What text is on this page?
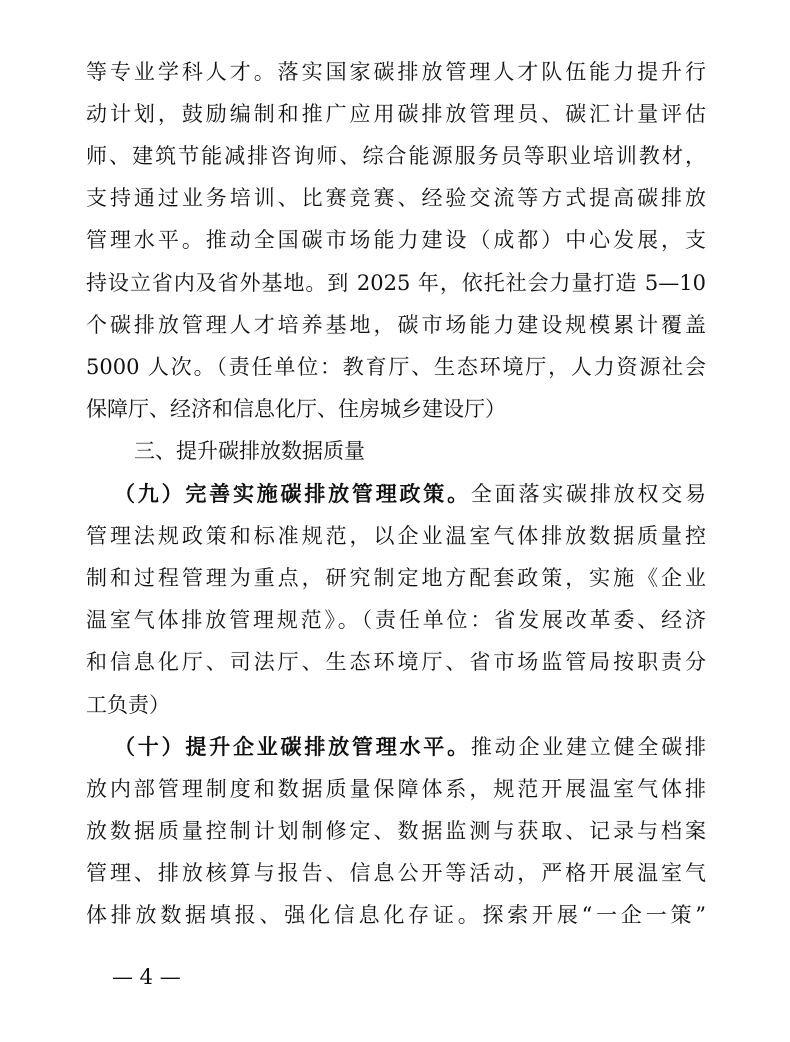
等专业学科人才。落实国家碳排放管理人才队伍能力提升行
动计划，鼓励编制和推广应用碳排放管理员、碳汇计量评估
师、建筑节能减排咨询师、综合能源服务员等职业培训教材，
支持通过业务培训、比赛竞赛、经验交流等方式提高碳排放
管理水平。推动全国碳市场能力建设（成都）中心发展，支
持设立省内及省外基地。到 2025 年，依托社会力量打造 5—10
个碳排放管理人才培养基地，碳市场能力建设规模累计覆盖
5000 人次。（责任单位：教育厅、生态环境厅，人力资源社会
保障厅、经济和信息化厅、住房城乡建设厅）
三、提升碳排放数据质量
（九）完善实施碳排放管理政策。全面落实碳排放权交易
管理法规政策和标准规范，以企业温室气体排放数据质量控
制和过程管理为重点，研究制定地方配套政策，实施《企业
温室气体排放管理规范》。（责任单位：省发展改革委、经济
和信息化厅、司法厅、生态环境厅、省市场监管局按职责分
工负责）
（十）提升企业碳排放管理水平。推动企业建立健全碳排
放内部管理制度和数据质量保障体系，规范开展温室气体排
放数据质量控制计划制修定、数据监测与获取、记录与档案
管理、排放核算与报告、信息公开等活动，严格开展温室气
体排放数据填报、强化信息化存证。探索开展“一企一策”
— 4 —
